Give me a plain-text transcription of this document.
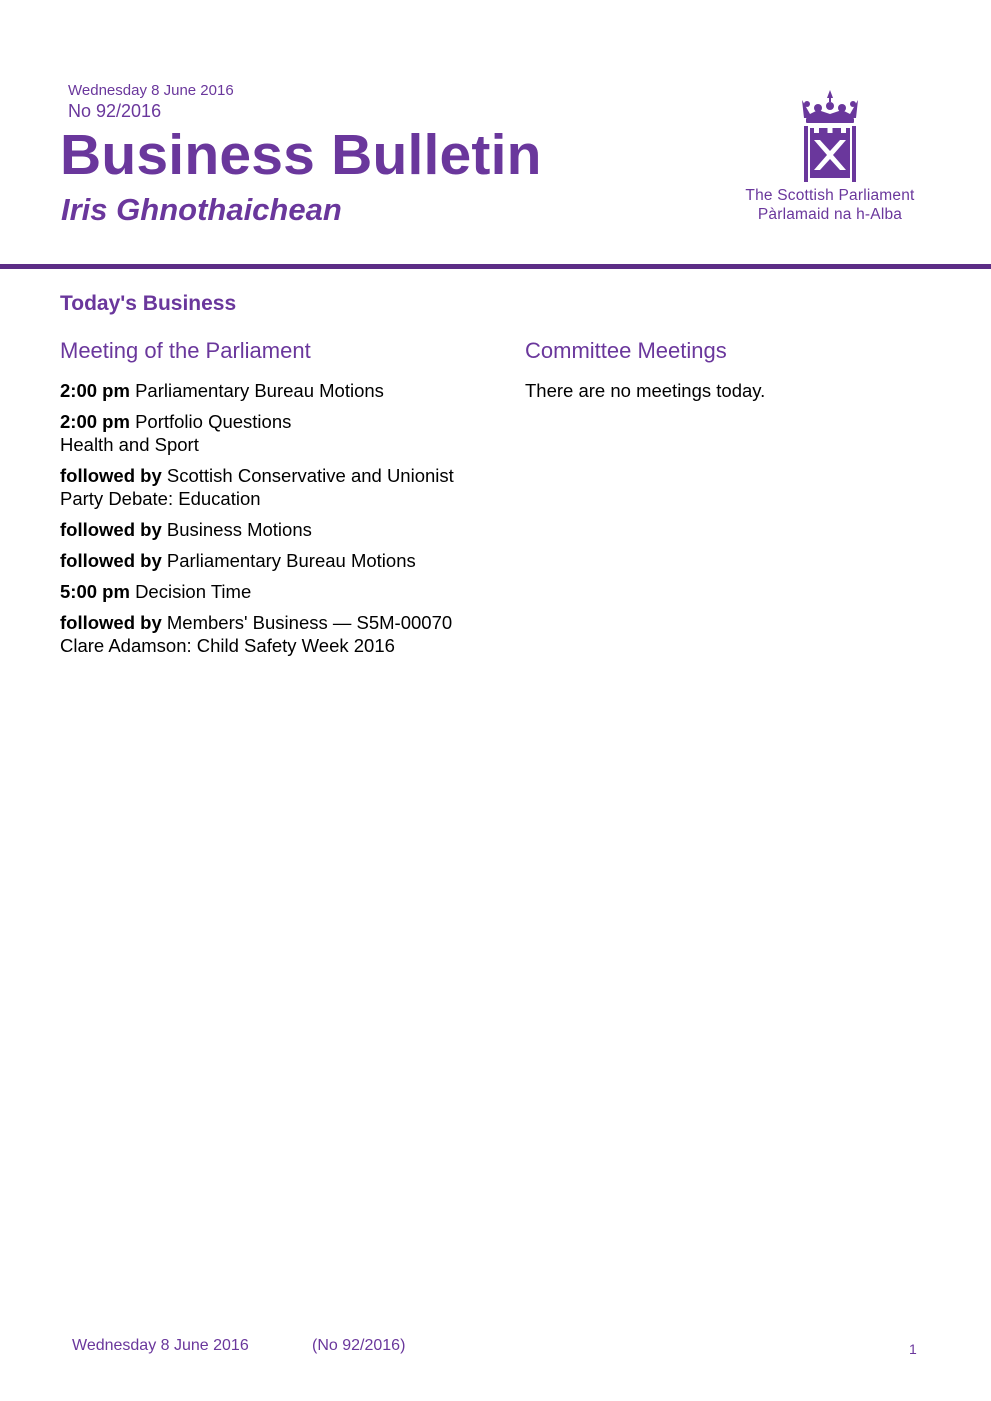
Wednesday 8 June 2016
No 92/2016
Business Bulletin
Iris Ghnothaichean	The Scottish Parliament
Pàrlamaid na h-Alba
Today's Business
Meeting of the Parliament
2:00 pm Parliamentary Bureau Motions
2:00 pm Portfolio Questions
Health and Sport
followed by Scottish Conservative and Unionist Party Debate: Education
followed by Business Motions
followed by Parliamentary Bureau Motions
5:00 pm Decision Time
followed by Members' Business — S5M-00070 Clare Adamson: Child Safety Week 2016
Committee Meetings
There are no meetings today.
Wednesday 8 June 2016	(No 92/2016)	1
